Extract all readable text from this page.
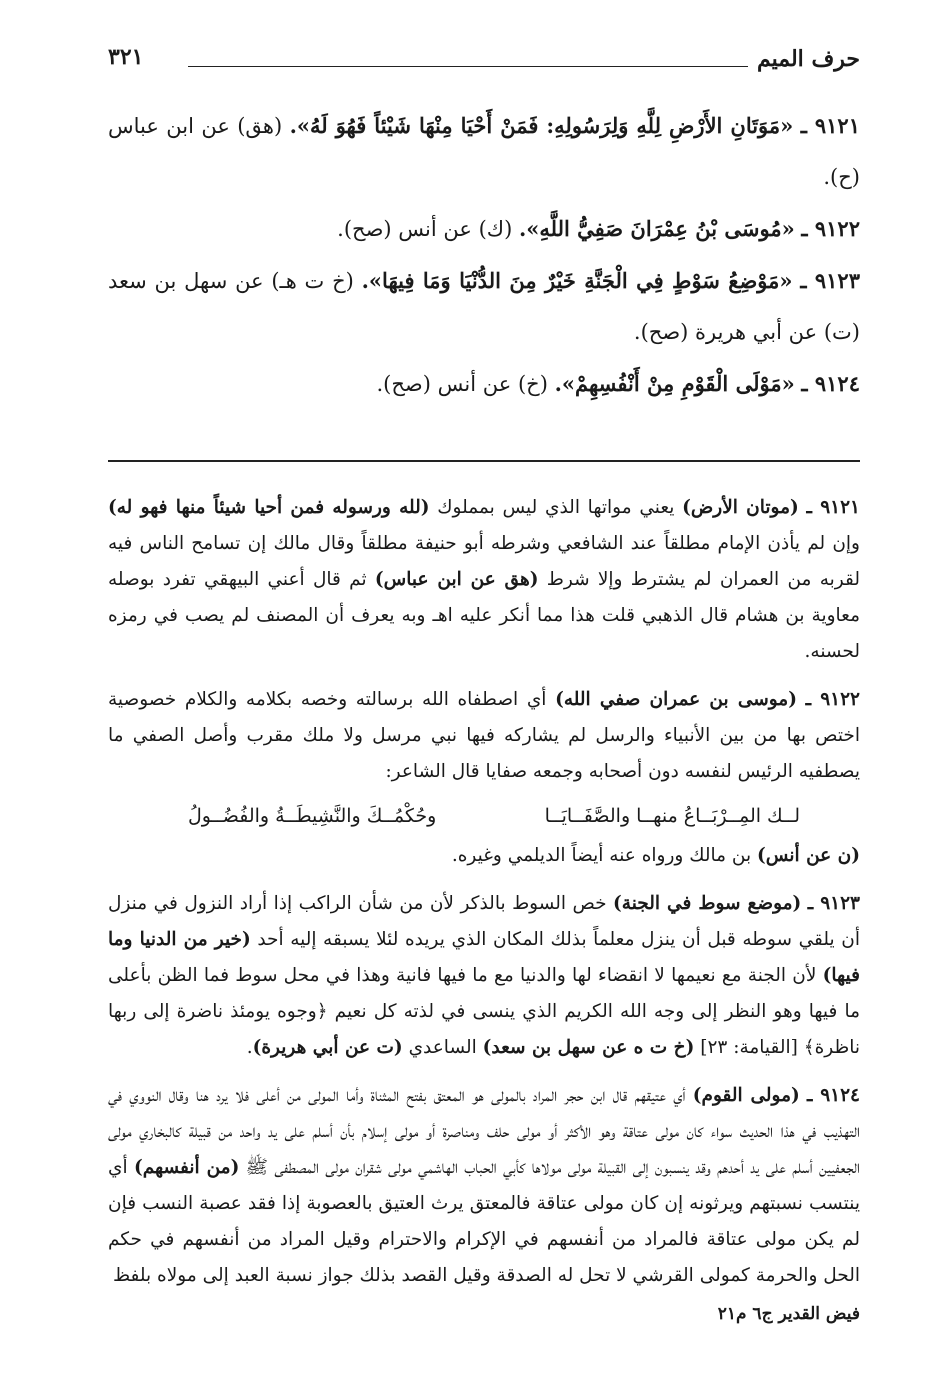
حرف الميم
٣٢١

٩١٢١ ـ «مَوَتَانِ الأَرْضِ لِلَّهِ وَلِرَسُولِهِ: فَمَنْ أَحْيَا مِنْهَا شَيْئاً فَهُوَ لَهُ». (هق) عن ابن عباس (ح).

٩١٢٢ ـ «مُوسَى بْنُ عِمْرَانَ صَفِيُّ اللَّهِ». (ك) عن أنس (صح).

٩١٢٣ ـ «مَوْضِعُ سَوْطٍ فِي الْجَنَّةِ خَيْرٌ مِنَ الدُّنْيَا وَمَا فِيهَا». (خ ت هـ) عن سهل بن سعد (ت) عن أبي هريرة (صح).

٩١٢٤ ـ «مَوْلَى الْقَوْمِ مِنْ أَنْفُسِهِمْ». (خ) عن أنس (صح).

٩١٢١ ـ (موتان الأرض) يعني مواتها الذي ليس بمملوك (لله ورسوله فمن أحيا شيئاً منها فهو له) وإن لم يأذن الإمام مطلقاً عند الشافعي وشرطه أبو حنيفة مطلقاً وقال مالك إن تسامح الناس فيه لقربه من العمران لم يشترط وإلا شرط (هق عن ابن عباس) ثم قال أعني البيهقي تفرد بوصله معاوية بن هشام قال الذهبي قلت هذا مما أنكر عليه اهـ وبه يعرف أن المصنف لم يصب في رمزه لحسنه.

٩١٢٢ ـ (موسى بن عمران صفي الله) أي اصطفاه الله برسالته وخصه بكلامه والكلام خصوصية اختص بها من بين الأنبياء والرسل لم يشاركه فيها نبي مرسل ولا ملك مقرب وأصل الصفي ما يصطفيه الرئيس لنفسه دون أصحابه وجمعه صفايا قال الشاعر:

لــك المِــرْبَــاعُ منهــا والصَّفَــايَــا
وحُكْمُــكَ والنَّشِيطَــةُ والفُضُــولُ

(ن عن أنس) بن مالك ورواه عنه أيضاً الديلمي وغيره.

٩١٢٣ ـ (موضع سوط في الجنة) خص السوط بالذكر لأن من شأن الراكب إذا أراد النزول في منزل أن يلقي سوطه قبل أن ينزل معلماً بذلك المكان الذي يريده لئلا يسبقه إليه أحد (خير من الدنيا وما فيها) لأن الجنة مع نعيمها لا انقضاء لها والدنيا مع ما فيها فانية وهذا في محل سوط فما الظن بأعلى ما فيها وهو النظر إلى وجه الله الكريم الذي ينسى في لذته كل نعيم ﴿وجوه يومئذ ناضرة إلى ربها ناظرة﴾ [القيامة: ٢٣] (خ ت ه عن سهل بن سعد) الساعدي (ت عن أبي هريرة).

٩١٢٤ ـ (مولى القوم) أي عتيقهم قال ابن حجر المراد بالمولى هو المعتق بفتح المثناة وأما المولى من أعلى فلا يرد هنا وقال النووي في التهذيب في هذا الحديث سواء كان مولى عتاقة وهو الأكثر أو مولى حلف ومناصرة أو مولى إسلام بأن أسلم على يد واحد من قبيلة كالبخاري مولى الجعفيين أسلم على يد أحدهم وقد ينسبون إلى القبيلة مولى مولاها كأبي الحباب الهاشمي مولى شقران مولى المصطفى ﷺ (من أنفسهم) أي ينتسب نسبتهم ويرثونه إن كان مولى عتاقة فالمعتق يرث العتيق بالعصوبة إذا فقد عصبة النسب فإن لم يكن مولى عتاقة فالمراد من أنفسهم في الإكرام والاحترام وقيل المراد من أنفسهم في حكم الحل والحرمة كمولى القرشي لا تحل له الصدقة وقيل القصد بذلك جواز نسبة العبد إلى مولاه بلفظ

فيض القدير ج٦ م٢١
